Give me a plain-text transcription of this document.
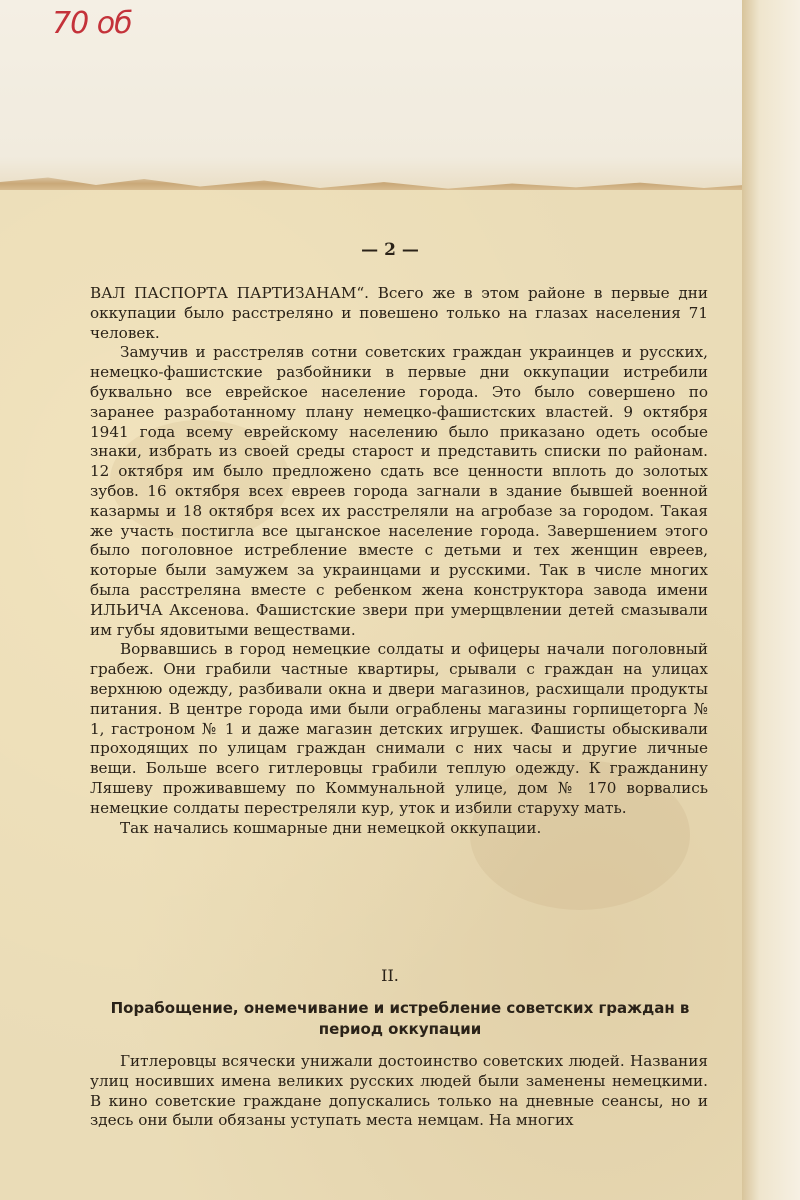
70 об
— 2 —

ВАЛ ПАСПОРТА ПАРТИЗАНАМ“. Всего же в этом районе в первые дни оккупации было расстреляно и повешено только на глазах населения 71 человек.

Замучив и расстреляв сотни советских граждан украинцев и русских, немецко-фашистские разбойники в первые дни оккупации истребили буквально все еврейское население города. Это было совершено по заранее разработанному плану немецко-фашистских властей. 9 октября 1941 года всему еврейскому населению было приказано одеть особые знаки, избрать из своей среды старост и представить списки по районам. 12 октября им было предложено сдать все ценности вплоть до золотых зубов. 16 октября всех евреев города загнали в здание бывшей военной казармы и 18 октября всех их расстреляли на агробазе за городом. Такая же участь постигла все цыганское население города. Завершением этого было поголовное истребление вместе с детьми и тех женщин евреев, которые были замужем за украинцами и русскими. Так в числе многих была расстреляна вместе с ребенком жена конструктора завода имени ИЛЬИЧА Аксенова. Фашистские звери при умерщвлении детей смазывали им губы ядовитыми веществами.

Ворвавшись в город немецкие солдаты и офицеры начали поголовный грабеж. Они грабили частные квартиры, срывали с граждан на улицах верхнюю одежду, разбивали окна и двери магазинов, расхищали продукты питания. В центре города ими были ограблены магазины горпищеторга № 1, гастроном № 1 и даже магазин детских игрушек. Фашисты обыскивали проходящих по улицам граждан снимали с них часы и другие личные вещи. Больше всего гитлеровцы грабили теплую одежду. К гражданину Ляшеву проживавшему по Коммунальной улице, дом № 170 ворвались немецкие солдаты перестреляли кур, уток и избили старуху мать.

Так начались кошмарные дни немецкой оккупации.

II.
Порабощение, онемечивание и истребление советских граждан в период оккупации

Гитлеровцы всячески унижали достоинство советских людей. Названия улиц носивших имена великих русских людей были заменены немецкими. В кино советские граждане допускались только на дневные сеансы, но и здесь они были обязаны уступать места немцам. На многих
